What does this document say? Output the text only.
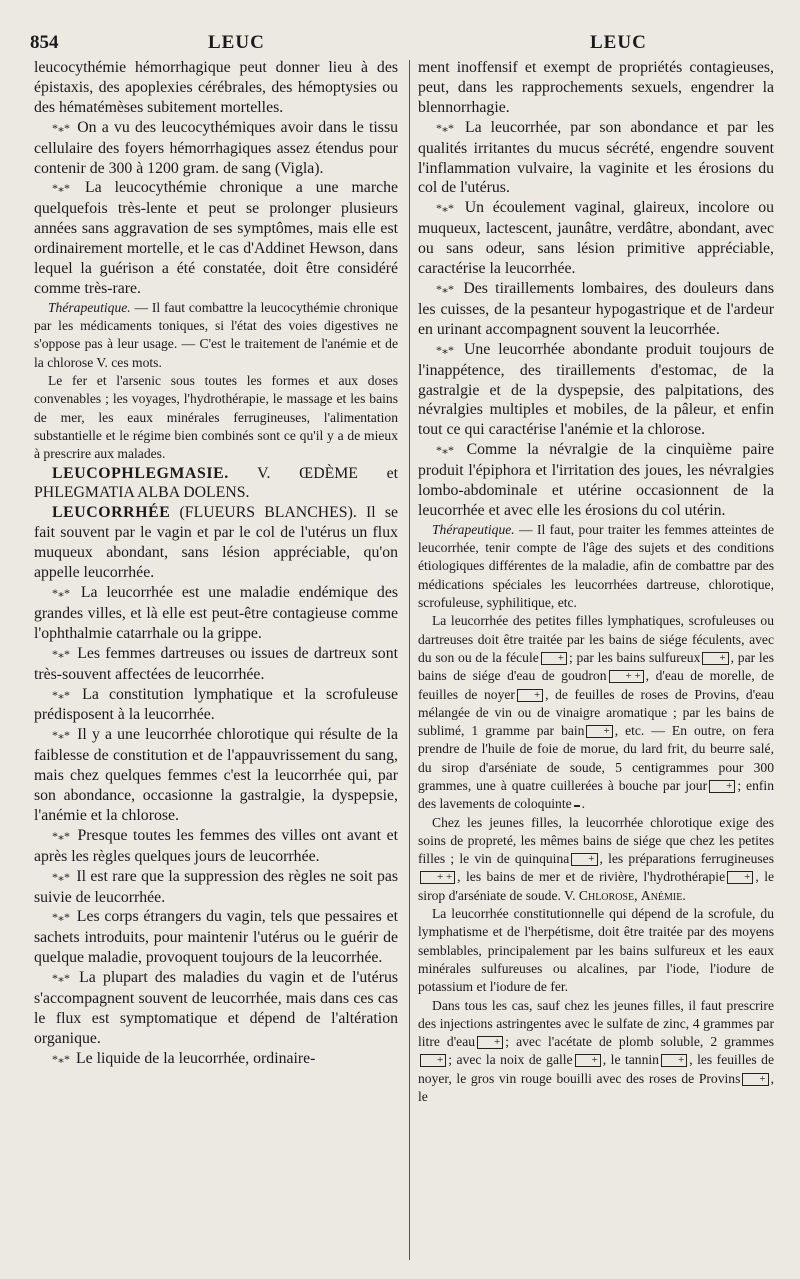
854	LEUC	LEUC

leucocythémie hémorrhagique peut donner lieu à des épistaxis, des apoplexies cérébrales, des hémoptysies ou des hématémèses subitement mortelles.

*⁎* On a vu des leucocythémiques avoir dans le tissu cellulaire des foyers hémorrhagiques assez étendus pour contenir de 300 à 1200 gram. de sang (Vigla).

*⁎* La leucocythémie chronique a une marche quelquefois très-lente et peut se prolonger plusieurs années sans aggravation de ses symptômes, mais elle est ordinairement mortelle, et le cas d'Addinet Hewson, dans lequel la guérison a été constatée, doit être considéré comme très-rare.

Thérapeutique. — Il faut combattre la leucocythémie chronique par les médicaments toniques, si l'état des voies digestives ne s'oppose pas à leur usage. — C'est le traitement de l'anémie et de la chlorose V. ces mots.

Le fer et l'arsenic sous toutes les formes et aux doses convenables ; les voyages, l'hydrothérapie, le massage et les bains de mer, les eaux minérales ferrugineuses, l'alimentation substantielle et le régime bien combinés sont ce qu'il y a de mieux à prescrire aux malades.

LEUCOPHLEGMASIE. V. ŒDÈME et PHLEGMATIA ALBA DOLENS.

LEUCORRHÉE (FLUEURS BLANCHES). Il se fait souvent par le vagin et par le col de l'utérus un flux muqueux abondant, sans lésion appréciable, qu'on appelle leucorrhée.

*⁎* La leucorrhée est une maladie endémique des grandes villes, et là elle est peut-être contagieuse comme l'ophthalmie catarrhale ou la grippe.

*⁎* Les femmes dartreuses ou issues de dartreux sont très-souvent affectées de leucorrhée.

*⁎* La constitution lymphatique et la scrofuleuse prédisposent à la leucorrhée.

*⁎* Il y a une leucorrhée chlorotique qui résulte de la faiblesse de constitution et de l'appauvrissement du sang, mais chez quelques femmes c'est la leucorrhée qui, par son abondance, occasionne la gastralgie, la dyspepsie, l'anémie et la chlorose.

*⁎* Presque toutes les femmes des villes ont avant et après les règles quelques jours de leucorrhée.

*⁎* Il est rare que la suppression des règles ne soit pas suivie de leucorrhée.

*⁎* Les corps étrangers du vagin, tels que pessaires et sachets introduits, pour maintenir l'utérus ou le guérir de quelque maladie, provoquent toujours de la leucorrhée.

*⁎* La plupart des maladies du vagin et de l'utérus s'accompagnent souvent de leucorrhée, mais dans ces cas le flux est symptomatique et dépend de l'altération organique.

*⁎* Le liquide de la leucorrhée, ordinaire-

ment inoffensif et exempt de propriétés contagieuses, peut, dans les rapprochements sexuels, engendrer la blennorrhagie.

*⁎* La leucorrhée, par son abondance et par les qualités irritantes du mucus sécrété, engendre souvent l'inflammation vulvaire, la vaginite et les érosions du col de l'utérus.

*⁎* Un écoulement vaginal, glaireux, incolore ou muqueux, lactescent, jaunâtre, verdâtre, abondant, avec ou sans odeur, sans lésion primitive appréciable, caractérise la leucorrhée.

*⁎* Des tiraillements lombaires, des douleurs dans les cuisses, de la pesanteur hypogastrique et de l'ardeur en urinant accompagnent souvent la leucorrhée.

*⁎* Une leucorrhée abondante produit toujours de l'inappétence, des tiraillements d'estomac, de la gastralgie et de la dyspepsie, des palpitations, des névralgies multiples et mobiles, de la pâleur, et enfin tout ce qui caractérise l'anémie et la chlorose.

*⁎* Comme la névralgie de la cinquième paire produit l'épiphora et l'irritation des joues, les névralgies lombo-abdominale et utérine occasionnent de la leucorrhée et avec elle les érosions du col utérin.

Thérapeutique. — Il faut, pour traiter les femmes atteintes de leucorrhée, tenir compte de l'âge des sujets et des conditions étiologiques différentes de la maladie, afin de combattre par des médications spéciales les leucorrhées dartreuse, chlorotique, scrofuleuse, syphilitique, etc.

La leucorrhée des petites filles lymphatiques, scrofuleuses ou dartreuses doit être traitée par les bains de siége féculents, avec du son ou de la fécule + ; par les bains sulfureux + , par les bains de siége d'eau de goudron + + , d'eau de morelle, de feuilles de noyer + , de feuilles de roses de Provins, d'eau mélangée de vin ou de vinaigre aromatique ; par les bains de sublimé, 1 gramme par bain + , etc. — En outre, on fera prendre de l'huile de foie de morue, du lard frit, du beurre salé, du sirop d'arséniate de soude, 5 centigrammes pour 300 grammes, une à quatre cuillerées à bouche par jour + ; enfin des lavements de coloquinte .

Chez les jeunes filles, la leucorrhée chlorotique exige des soins de propreté, les mêmes bains de siége que chez les petites filles ; le vin de quinquina + , les préparations ferrugineuses+ + , les bains de mer et de rivière, l'hydrothérapie + , le sirop d'arséniate de soude. V. Chlorose, Anémie.

La leucorrhée constitutionnelle qui dépend de la scrofule, du lymphatisme et de l'herpétisme, doit être traitée par des moyens semblables, principalement par les bains sulfureux et les eaux minérales sulfureuses ou alcalines, par l'iode, l'iodure de potassium et l'iodure de fer.

Dans tous les cas, sauf chez les jeunes filles, il faut prescrire des injections astringentes avec le sulfate de zinc, 4 grammes par litre d'eau + ; avec l'acétate de plomb soluble, 2 grammes+ ; avec la noix de galle + , le tannin + , les feuilles de noyer, le gros vin rouge bouilli avec des roses de Provins + , le
